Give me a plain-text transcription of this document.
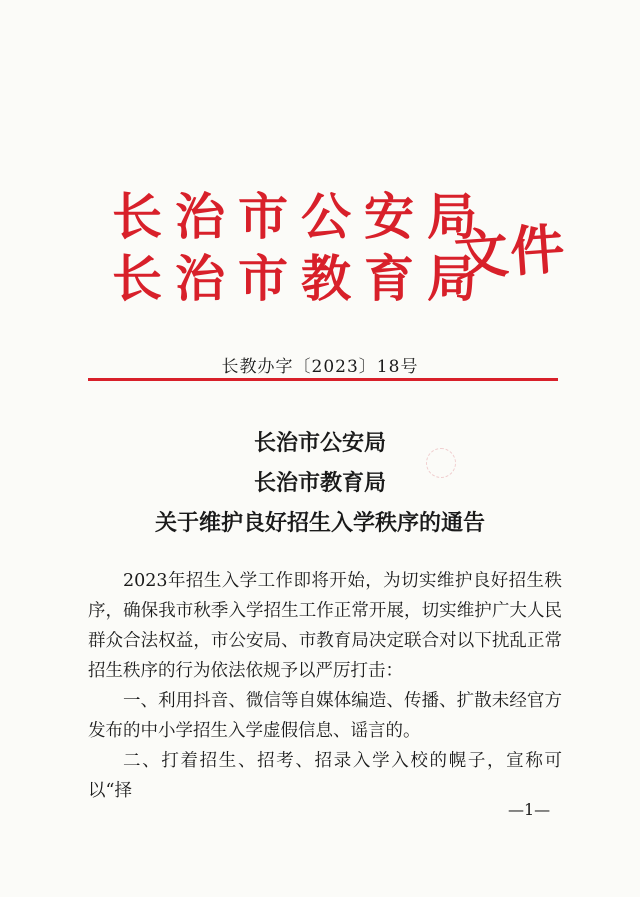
长治市公安局
长治市教育局
文件
长教办字〔2023〕18号
长治市公安局
长治市教育局
关于维护良好招生入学秩序的通告

2023年招生入学工作即将开始，为切实维护良好招生秩序，确保我市秋季入学招生工作正常开展，切实维护广大人民群众合法权益，市公安局、市教育局决定联合对以下扰乱正常招生秩序的行为依法依规予以严厉打击：

一、利用抖音、微信等自媒体编造、传播、扩散未经官方发布的中小学招生入学虚假信息、谣言的。

二、打着招生、招考、招录入学入校的幌子，宣称可以“择

—1—
